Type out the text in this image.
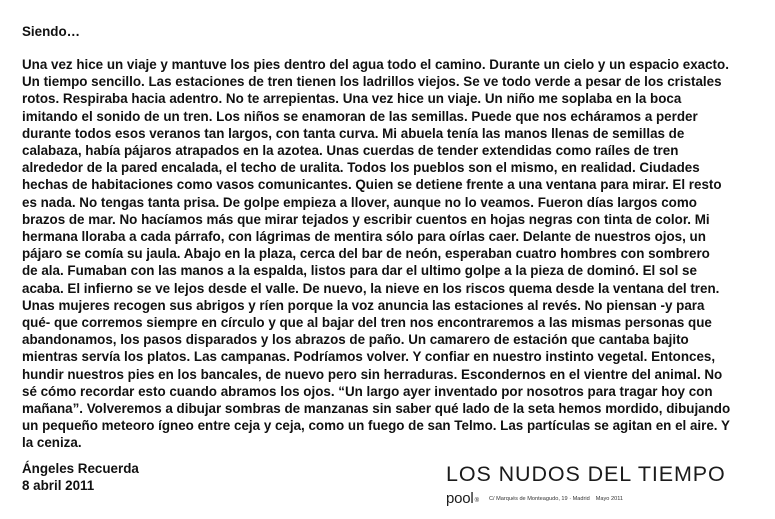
Siendo…
Una vez hice un viaje y mantuve los pies dentro del agua todo el camino. Durante un cielo y un espacio exacto.
Un tiempo sencillo. Las estaciones de tren tienen los ladrillos viejos. Se ve todo verde a pesar de los cristales
rotos. Respiraba hacia adentro. No te arrepientas. Una vez hice un viaje. Un niño me soplaba en la boca
imitando el sonido de un tren. Los niños se enamoran de las semillas. Puede que nos echáramos a perder
durante todos esos veranos tan largos, con tanta curva. Mi abuela tenía las manos llenas de semillas de
calabaza, había pájaros atrapados en la azotea. Unas cuerdas de tender extendidas como raíles de tren
alrededor de la pared encalada, el techo de uralita. Todos los pueblos son el mismo, en realidad. Ciudades
hechas de habitaciones como vasos comunicantes. Quien se detiene frente a una ventana para mirar. El resto
es nada. No tengas tanta prisa. De golpe empieza a llover, aunque no lo veamos. Fueron días largos como
brazos de mar. No hacíamos más que mirar tejados y escribir cuentos en hojas negras con tinta de color. Mi
hermana lloraba a cada párrafo, con lágrimas de mentira sólo para oírlas caer. Delante de nuestros ojos, un
pájaro se comía su jaula. Abajo en la plaza, cerca del bar de neón, esperaban cuatro hombres con sombrero
de ala. Fumaban con las manos a la espalda, listos para dar el ultimo golpe a la pieza de dominó. El sol se
acaba. El infierno se ve lejos desde el valle. De nuevo, la nieve en los riscos quema desde la ventana del tren.
Unas mujeres recogen sus abrigos y ríen porque la voz anuncia las estaciones al revés. No piensan -y para
qué- que corremos siempre en círculo y que al bajar del tren nos encontraremos a las mismas personas que
abandonamos, los pasos disparados y los abrazos de paño. Un camarero de estación que cantaba bajito
mientras servía los platos. Las campanas. Podríamos volver. Y confiar en nuestro instinto vegetal. Entonces,
hundir nuestros pies en los bancales, de nuevo pero sin herraduras. Escondernos en el vientre del animal. No
sé cómo recordar esto cuando abramos los ojos. “Un largo ayer inventado por nosotros para tragar hoy con
mañana”. Volveremos a dibujar sombras de manzanas sin saber qué lado de la seta hemos mordido, dibujando
un pequeño meteoro ígneo entre ceja y ceja, como un fuego de san Telmo. Las partículas se agitan en el aire. Y
la ceniza.
Ángeles Recuerda
8 abril 2011	LOS NUDOS DEL TIEMPO
pool ® C/ Marqués de Monteagudo, 19 · Madrid Mayo 2011
